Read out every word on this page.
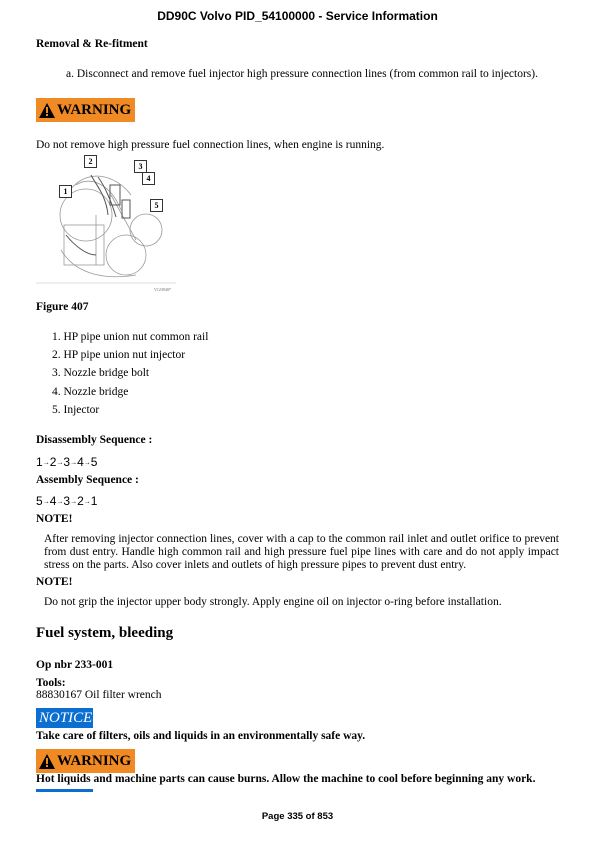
DD90C Volvo PID_54100000 - Service Information
Removal & Re-fitment
a. Disconnect and remove fuel injector high pressure connection lines (from common rail to injectors).
WARNING
Do not remove high pressure fuel connection lines, when engine is running.
2
3
4
1
5
V1239407
Figure 407
1. HP pipe union nut common rail
2. HP pipe union nut injector
3. Nozzle bridge bolt
4. Nozzle bridge
5. Injector
Disassembly Sequence :
1→2→3→4→5
Assembly Sequence :
5→4→3→2→1
NOTE!
After removing injector connection lines, cover with a cap to the common rail inlet and outlet orifice to prevent from dust entry. Handle high common rail and high pressure fuel pipe lines with care and do not apply impact stress on the parts. Also cover inlets and outlets of high pressure pipes to prevent dust entry.
NOTE!
Do not grip the injector upper body strongly. Apply engine oil on injector o-ring before installation.
Fuel system, bleeding
Op nbr 233-001
Tools:
88830167 Oil filter wrench
NOTICE
Take care of filters, oils and liquids in an environmentally safe way.
WARNING
Hot liquids and machine parts can cause burns. Allow the machine to cool before beginning any work.
Page 335 of 853
